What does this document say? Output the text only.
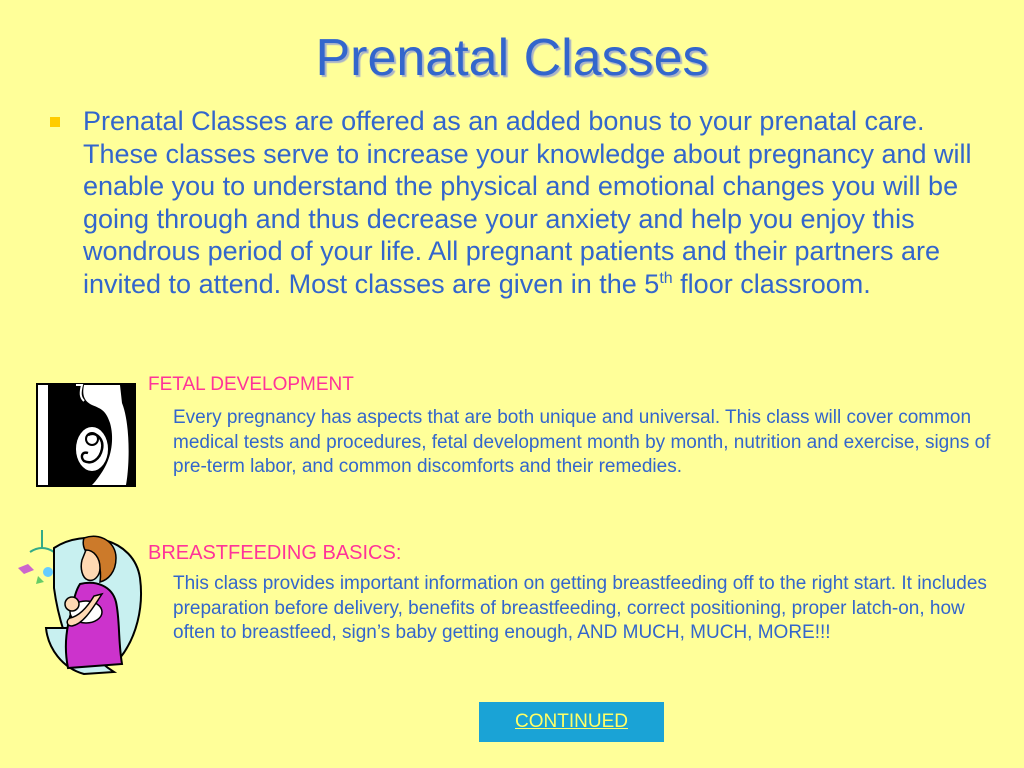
Prenatal Classes

Prenatal Classes are offered as an added bonus to your prenatal care. These classes serve to increase your knowledge about pregnancy and will enable you to understand the physical and emotional changes you will be going through and thus decrease your anxiety and help you enjoy this wondrous period of your life. All pregnant patients and their partners are invited to attend. Most classes are given in the 5th floor classroom.

FETAL DEVELOPMENT

Every pregnancy has aspects that are both unique and universal. This class will cover common medical tests and procedures, fetal development month by month, nutrition and exercise, signs of pre-term labor, and common discomforts and their remedies.

BREASTFEEDING BASICS:

This class provides important information on getting breastfeeding off to the right start. It includes preparation before delivery, benefits of breastfeeding, correct positioning, proper latch-on, how often to breastfeed, sign’s baby getting enough, AND MUCH, MUCH, MORE!!!

CONTINUED
